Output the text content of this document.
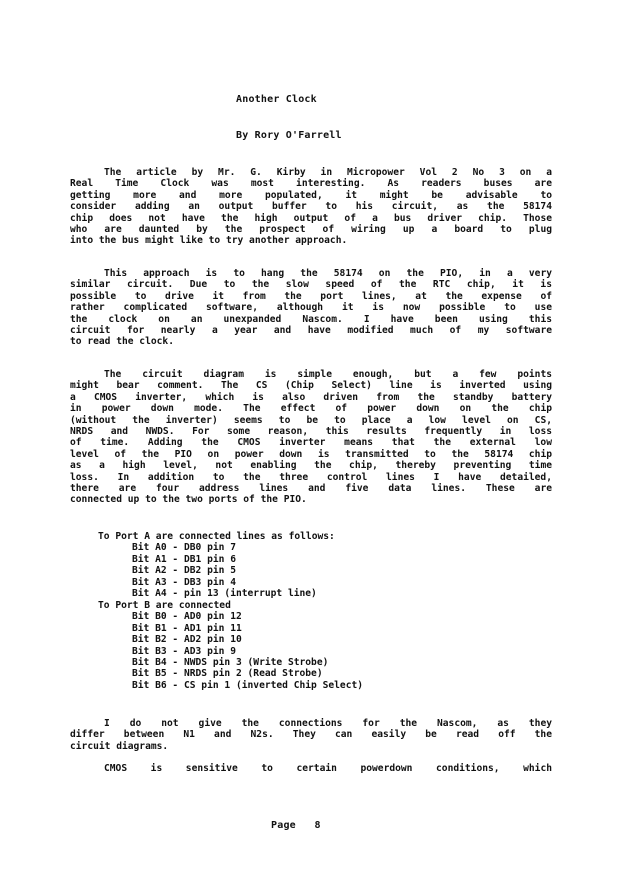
Another Clock
By Rory O'Farrell
The article by Mr. G. Kirby in Micropower Vol 2 No 3 on a
Real Time Clock was most interesting. As readers buses are
getting more and more populated, it might be advisable to
consider adding an output buffer to his circuit, as the 58174
chip does not have the high output of a bus driver chip. Those
who are daunted by the prospect of wiring up a board to plug
into the bus might like to try another approach.
This approach is to hang the 58174 on the PIO, in a very
similar circuit. Due to the slow speed of the RTC chip, it is
possible to drive it from the port lines, at the expense of
rather complicated software, although it is now possible to use
the clock on an unexpanded Nascom. I have been using this
circuit for nearly a year and have modified much of my software
to read the clock.
The circuit diagram is simple enough, but a few points
might bear comment. The CS (Chip Select) line is inverted using
a CMOS inverter, which is also driven from the standby battery
in power down mode. The effect of power down on the chip
(without the inverter) seems to be to place a low level on CS,
NRDS and NWDS. For some reason, this results frequently in loss
of time. Adding the CMOS inverter means that the external low
level of the PIO on power down is transmitted to the 58174 chip
as a high level, not enabling the chip, thereby preventing time
loss. In addition to the three control lines I have detailed,
there are four address lines and five data lines. These are
connected up to the two ports of the PIO.
To Port A are connected lines as follows:
Bit A0 - DB0 pin 7
Bit A1 - DB1 pin 6
Bit A2 - DB2 pin 5
Bit A3 - DB3 pin 4
Bit A4 - pin 13 (interrupt line)
To Port B are connected
Bit B0 - AD0 pin 12
Bit B1 - AD1 pin 11
Bit B2 - AD2 pin 10
Bit B3 - AD3 pin 9
Bit B4 - NWDS pin 3 (Write Strobe)
Bit B5 - NRDS pin 2 (Read Strobe)
Bit B6 - CS pin 1 (inverted Chip Select)
I do not give the connections for the Nascom, as they
differ between N1 and N2s. They can easily be read off the
circuit diagrams.
CMOS is sensitive to certain powerdown conditions, which
Page   8
